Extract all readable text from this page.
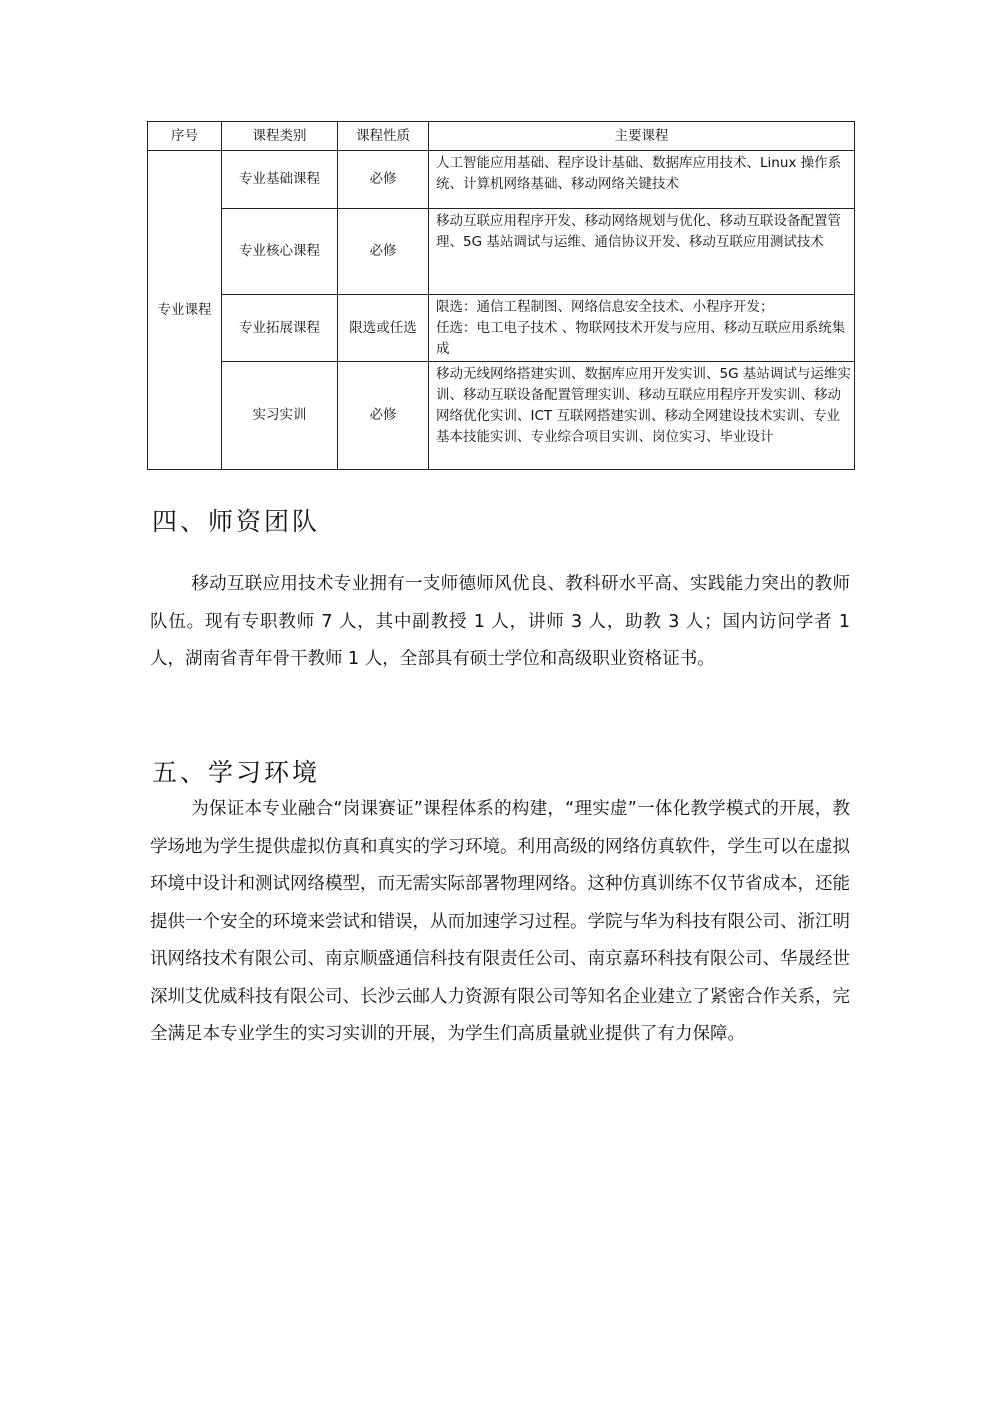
序号	课程类别	课程性质	主要课程
专业课程	专业基础课程	必修	人工智能应用基础、程序设计基础、数据库应用技术、Linux 操作系统、计算机网络基础、移动网络关键技术

	专业核心课程	必修	移动互联应用程序开发、移动网络规划与优化、移动互联设备配置管理、5G 基站调试与运维、通信协议开发、移动互联应用测试技术

	专业拓展课程	限选或任选	限选：通信工程制图、网络信息安全技术、小程序开发；
任选：电工电子技术 、物联网技术开发与应用、移动互联应用系统集成

	实习实训	必修	移动无线网络搭建实训、数据库应用开发实训、5G 基站调试与运维实训、移动互联设备配置管理实训、移动互联应用程序开发实训、移动网络优化实训、ICT 互联网搭建实训、移动全网建设技术实训、专业基本技能实训、专业综合项目实训、岗位实习、毕业设计
四、师资团队

移动互联应用技术专业拥有一支师德师风优良、教科研水平高、实践能力突出的教师队伍。现有专职教师 7 人，其中副教授 1 人，讲师 3 人，助教 3 人；国内访问学者 1 人，湖南省青年骨干教师 1 人，全部具有硕士学位和高级职业资格证书。

五、学习环境

为保证本专业融合“岗课赛证”课程体系的构建，“理实虚”一体化教学模式的开展，教学场地为学生提供虚拟仿真和真实的学习环境。利用高级的网络仿真软件，学生可以在虚拟环境中设计和测试网络模型，而无需实际部署物理网络。这种仿真训练不仅节省成本，还能提供一个安全的环境来尝试和错误，从而加速学习过程。学院与华为科技有限公司、浙江明讯网络技术有限公司、南京顺盛通信科技有限责任公司、南京嘉环科技有限公司、华晟经世深圳艾优威科技有限公司、长沙云邮人力资源有限公司等知名企业建立了紧密合作关系，完全满足本专业学生的实习实训的开展，为学生们高质量就业提供了有力保障。
